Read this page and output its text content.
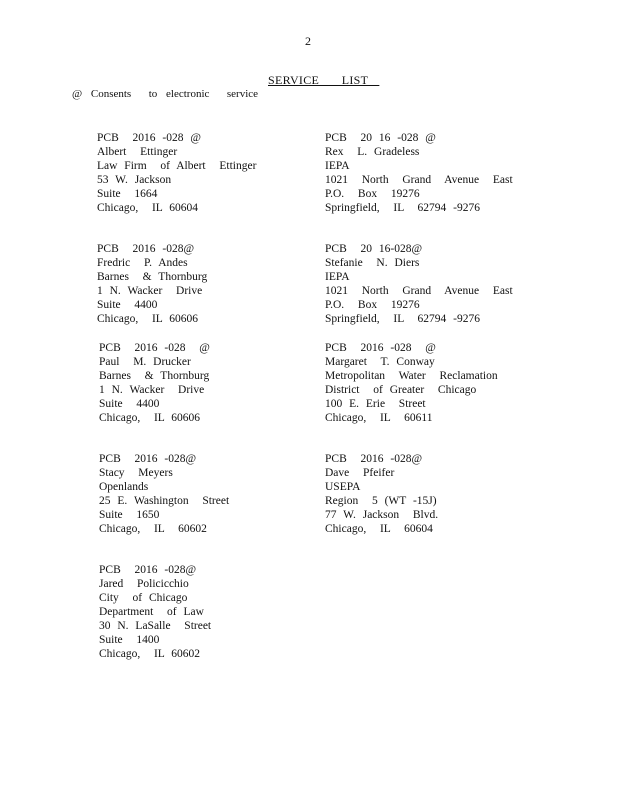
2
SERVICE  LIST
@ Consents  to electronic  service
PCB  2016 -028 @
Albert  Ettinger
Law Firm  of Albert  Ettinger
53 W. Jackson
Suite  1664
Chicago,  IL 60604
PCB  20 16 -028 @
Rex  L. Gradeless
IEPA
1021  North  Grand  Avenue  East
P.O.  Box  19276
Springfield,  IL  62794 -9276
PCB  2016 -028@
Fredric  P. Andes
Barnes  & Thornburg
1 N. Wacker  Drive
Suite  4400
Chicago,  IL 60606
PCB  20 16-028@
Stefanie  N. Diers
IEPA
1021  North  Grand  Avenue  East
P.O.  Box  19276
Springfield,  IL  62794 -9276
PCB  2016 -028  @
Paul  M. Drucker
Barnes  & Thornburg
1 N. Wacker  Drive
Suite  4400
Chicago,  IL 60606
PCB  2016 -028  @
Margaret  T. Conway
Metropolitan  Water  Reclamation
District  of Greater  Chicago
100 E. Erie  Street
Chicago,  IL  60611
PCB  2016 -028@
Stacy  Meyers
Openlands
25 E. Washington  Street
Suite  1650
Chicago,  IL  60602
PCB  2016 -028@
Dave  Pfeifer
USEPA
Region  5 (WT -15J)
77 W. Jackson  Blvd.
Chicago,  IL  60604
PCB  2016 -028@
Jared  Policicchio
City  of Chicago
Department  of Law
30 N. LaSalle  Street
Suite  1400
Chicago,  IL 60602
